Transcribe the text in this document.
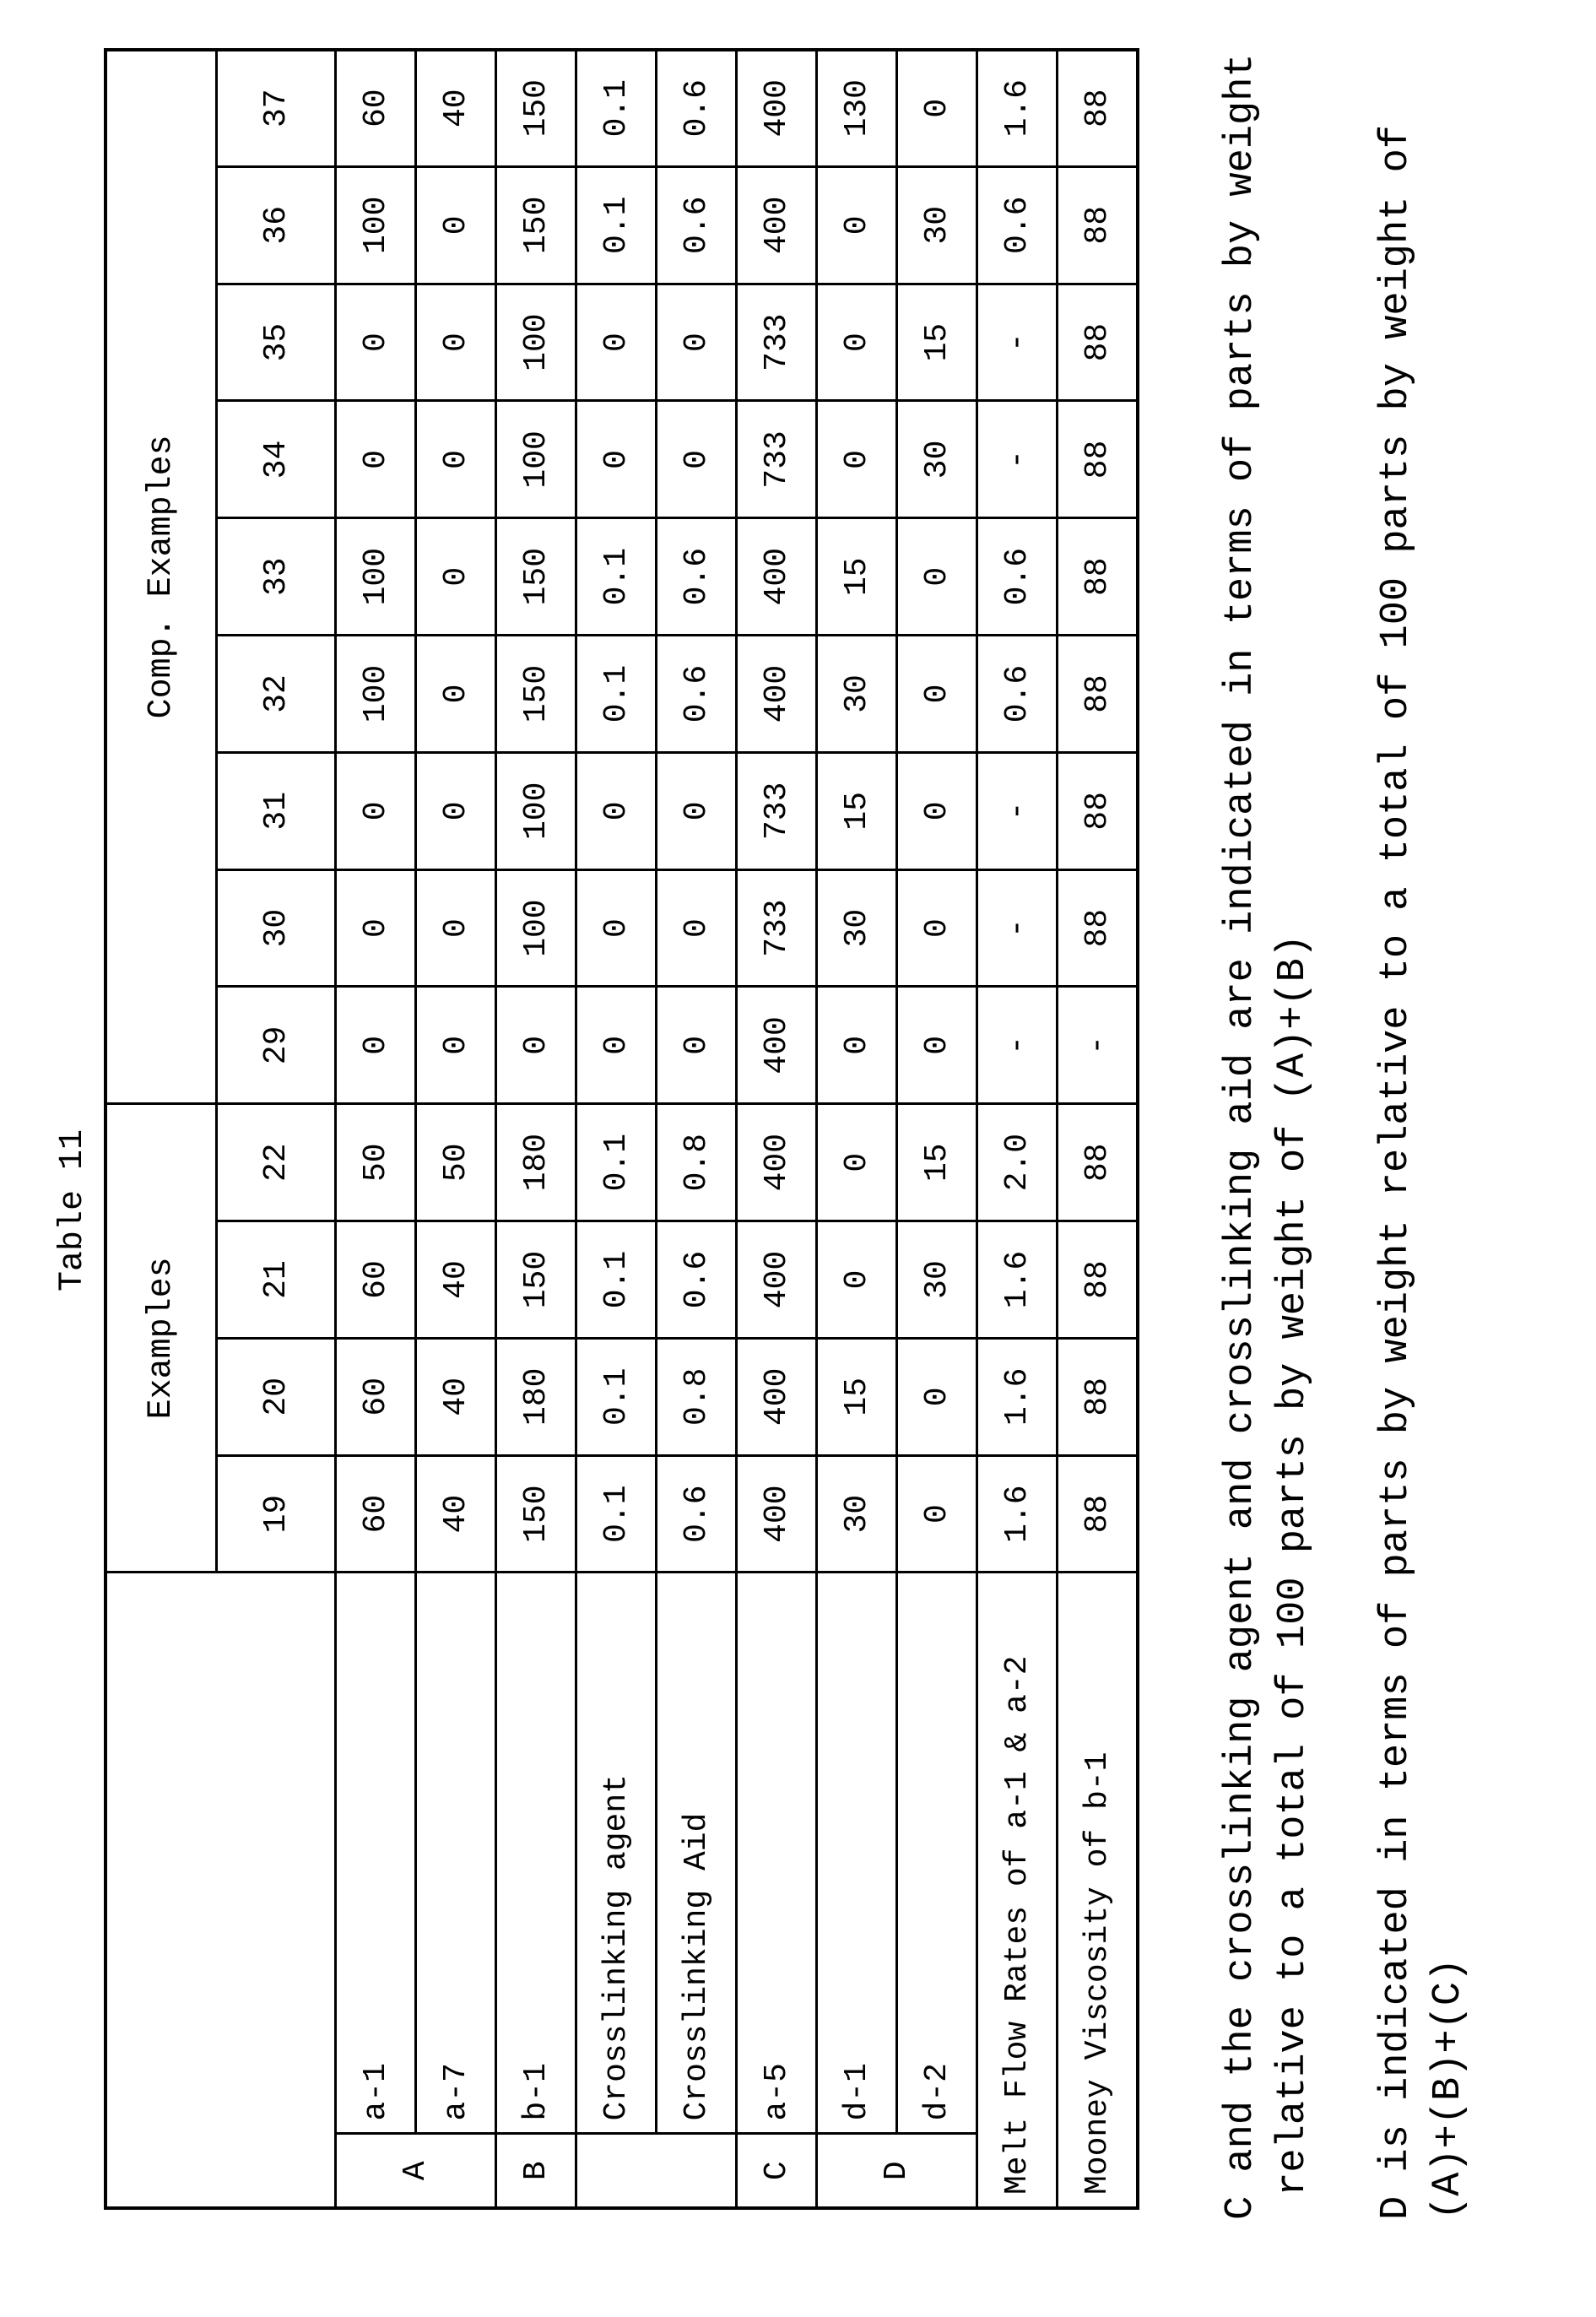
Table 11
	Examples	Comp. Examples
19	20	21	22	29	30	31	32	33	34	35	36	37
A	a-1	60	60	60	50	0	0	0	100	100	0	0	100	60
a-7	40	40	40	50	0	0	0	0	0	0	0	0	40
B	b-1	150	180	150	180	0	100	100	150	150	100	100	150	150
	Crosslinking agent	0.1	0.1	0.1	0.1	0	0	0	0.1	0.1	0	0	0.1	0.1
Crosslinking Aid	0.6	0.8	0.6	0.8	0	0	0	0.6	0.6	0	0	0.6	0.6
C	a-5	400	400	400	400	400	733	733	400	400	733	733	400	400
D	d-1	30	15	0	0	0	30	15	30	15	0	0	0	130
d-2	0	0	30	15	0	0	0	0	0	30	15	30	0
Melt Flow Rates of a-1 & a-2	1.6	1.6	1.6	2.0	-	-	-	0.6	0.6	-	-	0.6	1.6
Mooney Viscosity of b-1	88	88	88	88	-	88	88	88	88	88	88	88	88

C and the crosslinking agent and crosslinking aid are indicated in terms of parts by weight
relative to a total of 100 parts by weight of (A)+(B)

D is indicated in terms of parts by weight relative to a total of 100 parts by weight of
(A)+(B)+(C)
